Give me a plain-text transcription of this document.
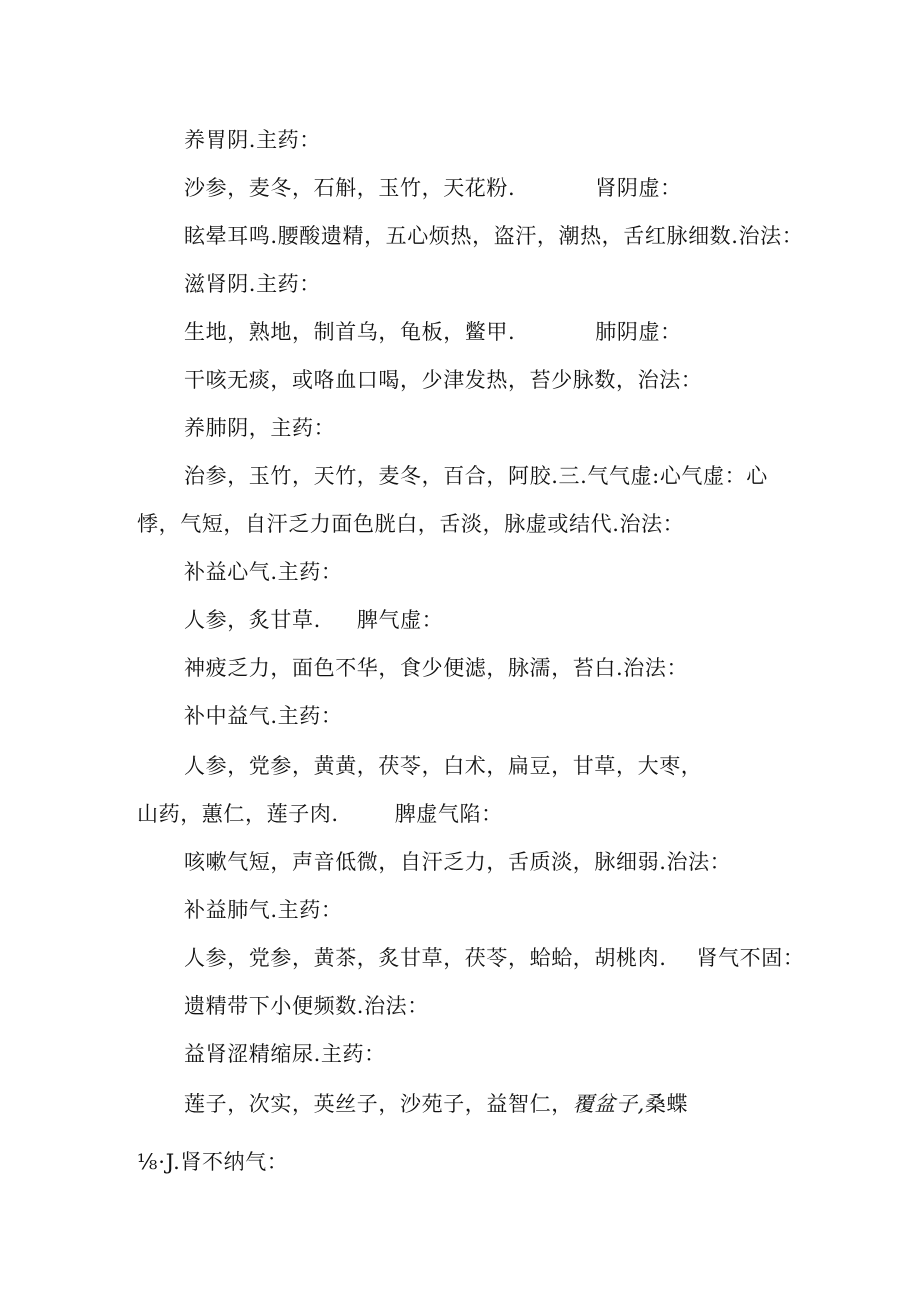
养胃阴.主药：
沙参，麦冬，石斛，玉竹，天花粉.	肾阴虚：
眩晕耳鸣.腰酸遗精，五心烦热，盗汗，潮热，舌红脉细数.治法：
滋肾阴.主药：
生地，熟地，制首乌，龟板，鳖甲.	肺阴虚：
干咳无痰，或咯血口喝，少津发热，苔少脉数，治法：
养肺阴，主药：
治参，玉竹，天竹，麦冬，百合，阿胶.三.气气虚:心气虚：心
悸，气短，自汗乏力面色胱白，舌淡，脉虚或结代.治法：
补益心气.主药：
人参，炙甘草. 脾气虚：
神疲乏力，面色不华，食少便滤，脉濡，苔白.治法：
补中益气.主药：
人参，党参，黄黄，茯苓，白术，扁豆，甘草，大枣，
山药，蕙仁，莲子肉.	脾虚气陷：
咳嗽气短，声音低微，自汗乏力，舌质淡，脉细弱.治法：
补益肺气.主药：
人参，党参，黄茶，炙甘草，茯苓，蛤蛤，胡桃肉. 肾气不固：
遗精带下小便频数.治法：
益肾涩精缩尿.主药：
莲子，次实，英丝子，沙苑子，益智仁，覆盆子,桑蝶
⅛⋅J.肾不纳气：
